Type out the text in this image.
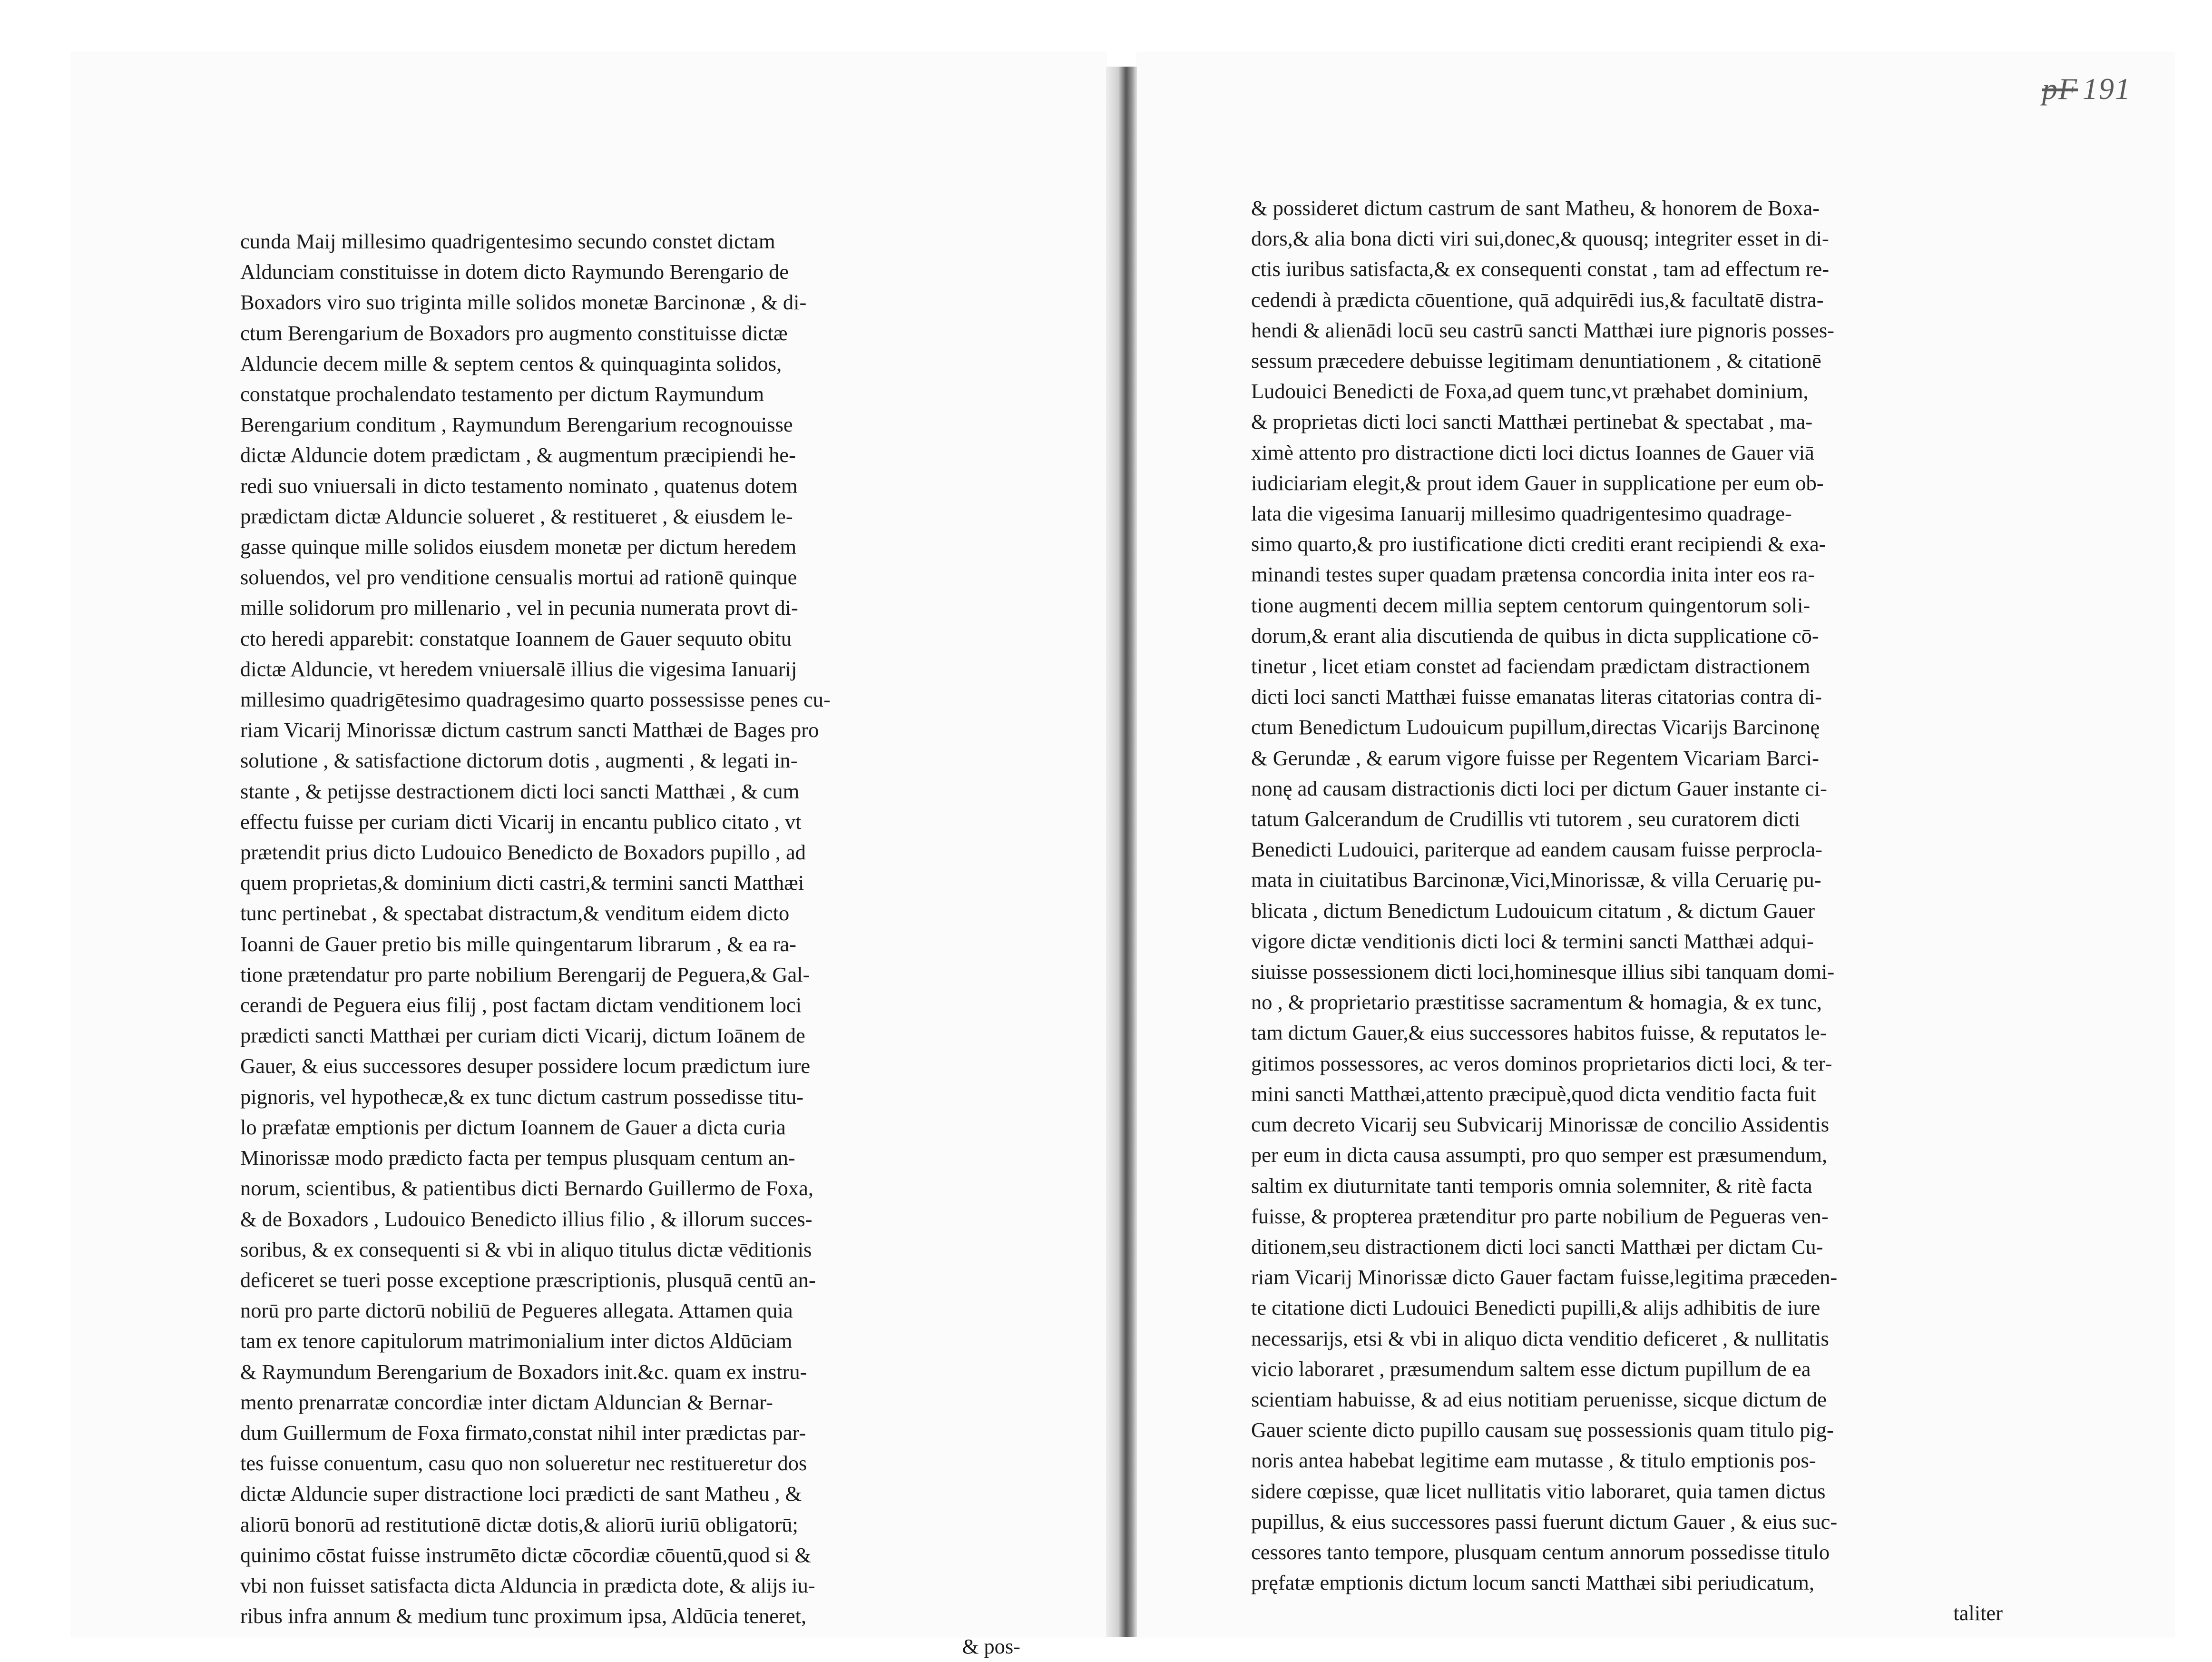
cunda Maij millesimo quadrigentesimo secundo constet dictam
Aldunciam constituisse in dotem dicto Raymundo Berengario de
Boxadors viro suo triginta mille solidos monetæ Barcinonæ , & di-
ctum Berengarium de Boxadors pro augmento constituisse dictæ
Alduncie decem mille & septem centos & quinquaginta solidos,
constatque prochalendato testamento per dictum Raymundum
Berengarium conditum , Raymundum Berengarium recognouisse
dictæ Alduncie dotem prædictam , & augmentum præcipiendi he-
redi suo vniuersali in dicto testamento nominato , quatenus dotem
prædictam dictæ Alduncie solueret , & restitueret , & eiusdem le-
gasse quinque mille solidos eiusdem monetæ per dictum heredem
soluendos, vel pro venditione censualis mortui ad rationē quinque
mille solidorum pro millenario , vel in pecunia numerata provt di-
cto heredi apparebit: constatque Ioannem de Gauer sequuto obitu
dictæ Alduncie, vt heredem vniuersalē illius die vigesima Ianuarij
millesimo quadrigētesimo quadragesimo quarto possessisse penes cu-
riam Vicarij Minorissæ dictum castrum sancti Matthæi de Bages pro
solutione , & satisfactione dictorum dotis , augmenti , & legati in-
stante , & petijsse destractionem dicti loci sancti Matthæi , & cum
effectu fuisse per curiam dicti Vicarij in encantu publico citato , vt
prætendit prius dicto Ludouico Benedicto de Boxadors pupillo , ad
quem proprietas,& dominium dicti castri,& termini sancti Matthæi
tunc pertinebat , & spectabat distractum,& venditum eidem dicto
Ioanni de Gauer pretio bis mille quingentarum librarum , & ea ra-
tione prætendatur pro parte nobilium Berengarij de Peguera,& Gal-
cerandi de Peguera eius filij , post factam dictam venditionem loci
prædicti sancti Matthæi per curiam dicti Vicarij, dictum Ioānem de
Gauer, & eius successores desuper possidere locum prædictum iure
pignoris, vel hypothecæ,& ex tunc dictum castrum possedisse titu-
lo præfatæ emptionis per dictum Ioannem de Gauer a dicta curia
Minorissæ modo prædicto facta per tempus plusquam centum an-
norum, scientibus, & patientibus dicti Bernardo Guillermo de Foxa,
& de Boxadors , Ludouico Benedicto illius filio , & illorum succes-
soribus, & ex consequenti si & vbi in aliquo titulus dictæ vēditionis
deficeret se tueri posse exceptione præscriptionis, plusquā centū an-
norū pro parte dictorū nobiliū de Pegueres allegata. Attamen quia
tam ex tenore capitulorum matrimonialium inter dictos Aldūciam
& Raymundum Berengarium de Boxadors init.&c. quam ex instru-
mento prenarratæ concordiæ inter dictam Alduncian & Bernar-
dum Guillermum de Foxa firmato,constat nihil inter prædictas par-
tes fuisse conuentum, casu quo non solueretur nec restitueretur dos
dictæ Alduncie super distractione loci prædicti de sant Matheu , &
aliorū bonorū ad restitutionē dictæ dotis,& aliorū iuriū obligatorū;
quinimo cōstat fuisse instrumēto dictæ cōcordiæ cōuentū,quod si &
vbi non fuisset satisfacta dicta Alduncia in prædicta dote, & alijs iu-
ribus infra annum & medium tunc proximum ipsa, Aldūcia teneret,
& pos-
pF 191
& possideret dictum castrum de sant Matheu, & honorem de Boxa-
dors,& alia bona dicti viri sui,donec,& quousq; integriter esset in di-
ctis iuribus satisfacta,& ex consequenti constat , tam ad effectum re-
cedendi à prædicta cōuentione, quā adquirēdi ius,& facultatē distra-
hendi & alienādi locū seu castrū sancti Matthæi iure pignoris posses-
sessum præcedere debuisse legitimam denuntiationem , & citationē
Ludouici Benedicti de Foxa,ad quem tunc,vt præhabet dominium,
& proprietas dicti loci sancti Matthæi pertinebat & spectabat , ma-
ximè attento pro distractione dicti loci dictus Ioannes de Gauer viā
iudiciariam elegit,& prout idem Gauer in supplicatione per eum ob-
lata die vigesima Ianuarij millesimo quadrigentesimo quadrage-
simo quarto,& pro iustificatione dicti crediti erant recipiendi & exa-
minandi testes super quadam prætensa concordia inita inter eos ra-
tione augmenti decem millia septem centorum quingentorum soli-
dorum,& erant alia discutienda de quibus in dicta supplicatione cō-
tinetur , licet etiam constet ad faciendam prædictam distractionem
dicti loci sancti Matthæi fuisse emanatas literas citatorias contra di-
ctum Benedictum Ludouicum pupillum,directas Vicarijs Barcinonę
& Gerundæ , & earum vigore fuisse per Regentem Vicariam Barci-
nonę ad causam distractionis dicti loci per dictum Gauer instante ci-
tatum Galcerandum de Crudillis vti tutorem , seu curatorem dicti
Benedicti Ludouici, pariterque ad eandem causam fuisse perprocla-
mata in ciuitatibus Barcinonæ,Vici,Minorissæ, & villa Ceruarię pu-
blicata , dictum Benedictum Ludouicum citatum , & dictum Gauer
vigore dictæ venditionis dicti loci & termini sancti Matthæi adqui-
siuisse possessionem dicti loci,hominesque illius sibi tanquam domi-
no , & proprietario præstitisse sacramentum & homagia, & ex tunc,
tam dictum Gauer,& eius successores habitos fuisse, & reputatos le-
gitimos possessores, ac veros dominos proprietarios dicti loci, & ter-
mini sancti Matthæi,attento præcipuè,quod dicta venditio facta fuit
cum decreto Vicarij seu Subvicarij Minorissæ de concilio Assidentis
per eum in dicta causa assumpti, pro quo semper est præsumendum,
saltim ex diuturnitate tanti temporis omnia solemniter, & ritè facta
fuisse, & propterea prætenditur pro parte nobilium de Pegueras ven-
ditionem,seu distractionem dicti loci sancti Matthæi per dictam Cu-
riam Vicarij Minorissæ dicto Gauer factam fuisse,legitima præceden-
te citatione dicti Ludouici Benedicti pupilli,& alijs adhibitis de iure
necessarijs, etsi & vbi in aliquo dicta venditio deficeret , & nullitatis
vicio laboraret , præsumendum saltem esse dictum pupillum de ea
scientiam habuisse, & ad eius notitiam peruenisse, sicque dictum de
Gauer sciente dicto pupillo causam suę possessionis quam titulo pig-
noris antea habebat legitime eam mutasse , & titulo emptionis pos-
sidere cœpisse, quæ licet nullitatis vitio laboraret, quia tamen dictus
pupillus, & eius successores passi fuerunt dictum Gauer , & eius suc-
cessores tanto tempore, plusquam centum annorum possedisse titulo
pręfatæ emptionis dictum locum sancti Matthæi sibi periudicatum,
taliter
